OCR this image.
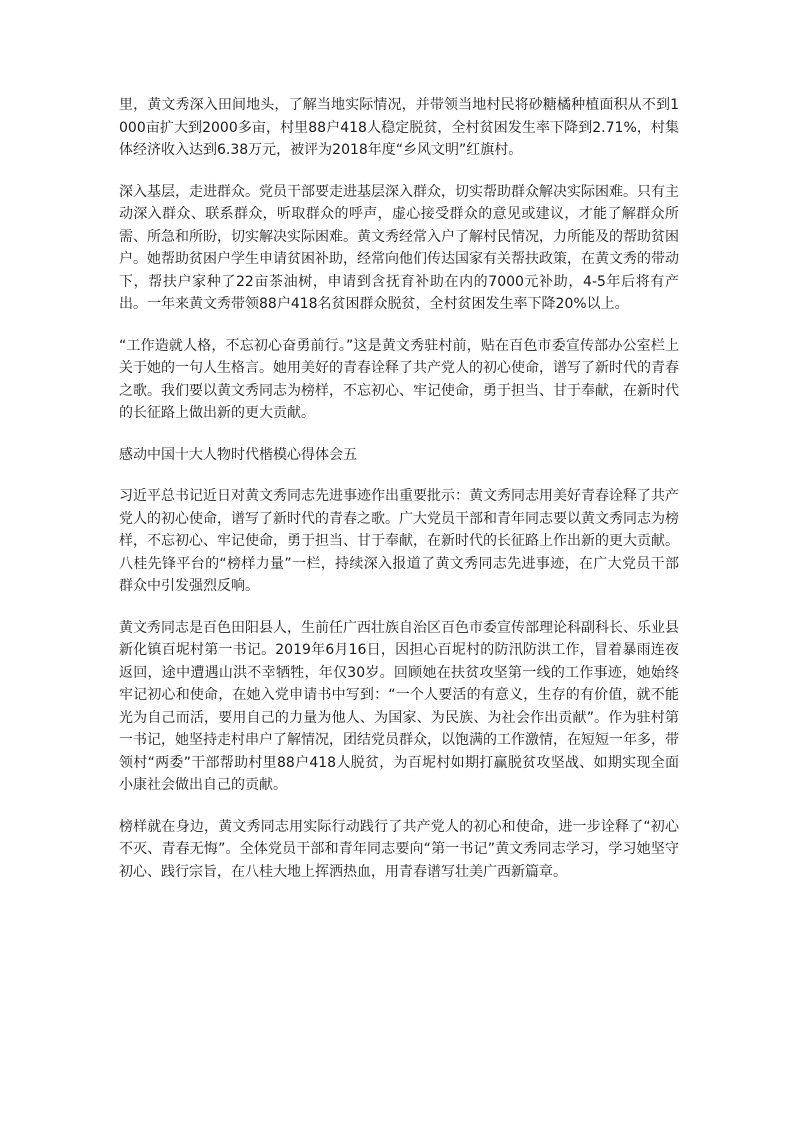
里，黄文秀深入田间地头，了解当地实际情况，并带领当地村民将砂糖橘种植面积从不到1000亩扩大到2000多亩，村里88户418人稳定脱贫，全村贫困发生率下降到2.71%，村集体经济收入达到6.38万元，被评为2018年度“乡风文明”红旗村。

深入基层，走进群众。党员干部要走进基层深入群众，切实帮助群众解决实际困难。只有主动深入群众、联系群众，听取群众的呼声，虚心接受群众的意见或建议，才能了解群众所需、所急和所盼，切实解决实际困难。黄文秀经常入户了解村民情况，力所能及的帮助贫困户。她帮助贫困户学生申请贫困补助，经常向他们传达国家有关帮扶政策，在黄文秀的带动下，帮扶户家种了22亩茶油树，申请到含抚育补助在内的7000元补助，4-5年后将有产出。一年来黄文秀带领88户418名贫困群众脱贫，全村贫困发生率下降20%以上。

“工作造就人格，不忘初心奋勇前行。”这是黄文秀驻村前，贴在百色市委宣传部办公室栏上关于她的一句人生格言。她用美好的青春诠释了共产党人的初心使命，谱写了新时代的青春之歌。我们要以黄文秀同志为榜样，不忘初心、牢记使命，勇于担当、甘于奉献，在新时代的长征路上做出新的更大贡献。

感动中国十大人物时代楷模心得体会五

习近平总书记近日对黄文秀同志先进事迹作出重要批示：黄文秀同志用美好青春诠释了共产党人的初心使命，谱写了新时代的青春之歌。广大党员干部和青年同志要以黄文秀同志为榜样，不忘初心、牢记使命，勇于担当、甘于奉献，在新时代的长征路上作出新的更大贡献。八桂先锋平台的“榜样力量”一栏，持续深入报道了黄文秀同志先进事迹，在广大党员干部群众中引发强烈反响。

黄文秀同志是百色田阳县人，生前任广西壮族自治区百色市委宣传部理论科副科长、乐业县新化镇百坭村第一书记。2019年6月16日，因担心百坭村的防汛防洪工作，冒着暴雨连夜返回，途中遭遇山洪不幸牺牲，年仅30岁。回顾她在扶贫攻坚第一线的工作事迹，她始终牢记初心和使命，在她入党申请书中写到：“一个人要活的有意义，生存的有价值，就不能光为自己而活，要用自己的力量为他人、为国家、为民族、为社会作出贡献”。作为驻村第一书记，她坚持走村串户了解情况，团结党员群众，以饱满的工作激情，在短短一年多，带领村“两委”干部帮助村里88户418人脱贫，为百坭村如期打赢脱贫攻坚战、如期实现全面小康社会做出自己的贡献。

榜样就在身边，黄文秀同志用实际行动践行了共产党人的初心和使命，进一步诠释了“初心不灭、青春无悔”。全体党员干部和青年同志要向“第一书记”黄文秀同志学习，学习她坚守初心、践行宗旨，在八桂大地上挥洒热血，用青春谱写壮美广西新篇章。
